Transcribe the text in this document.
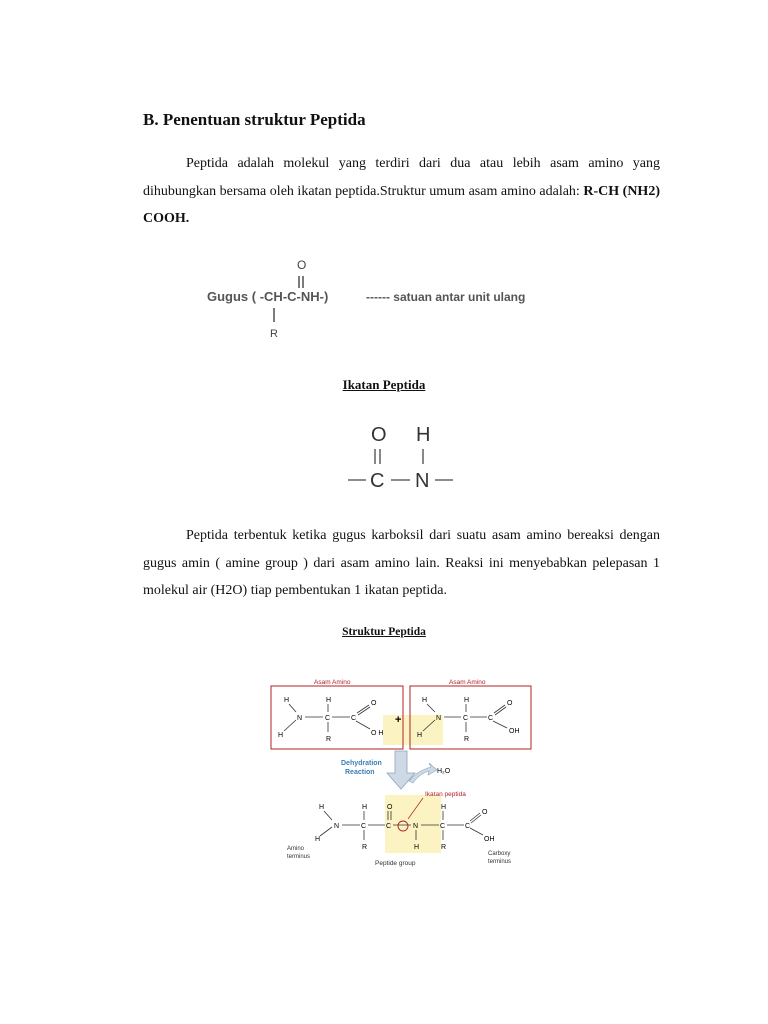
B. Penentuan struktur Peptida
Peptida adalah molekul yang terdiri dari dua atau lebih asam amino yang dihubungkan bersama oleh ikatan peptida.Struktur umum asam amino adalah: R-CH (NH2) COOH.
O
Gugus ( -CH-C-NH-)	------ satuan antar unit ulang
R
Ikatan Peptida
O H
C N
Peptida terbentuk ketika gugus karboksil dari suatu asam amino bereaksi dengan gugus amin ( amine group ) dari asam amino lain. Reaksi ini menyebabkan pelepasan 1 molekul air (H2O) tiap pembentukan 1 ikatan peptida.
Struktur Peptida
Asam Amino
H
H
N
H
C
R
C
O
O H
+
Asam Amino
H
H
N
H
C
R
C
O
OH
Dehydration
Reaction	H₂O
Ikatan peptida
H
H
N
H
C
R
O
C	N
H
H
C
R
C
O
OH
Amino
terminus	Carboxy
terminus
Peptide group
